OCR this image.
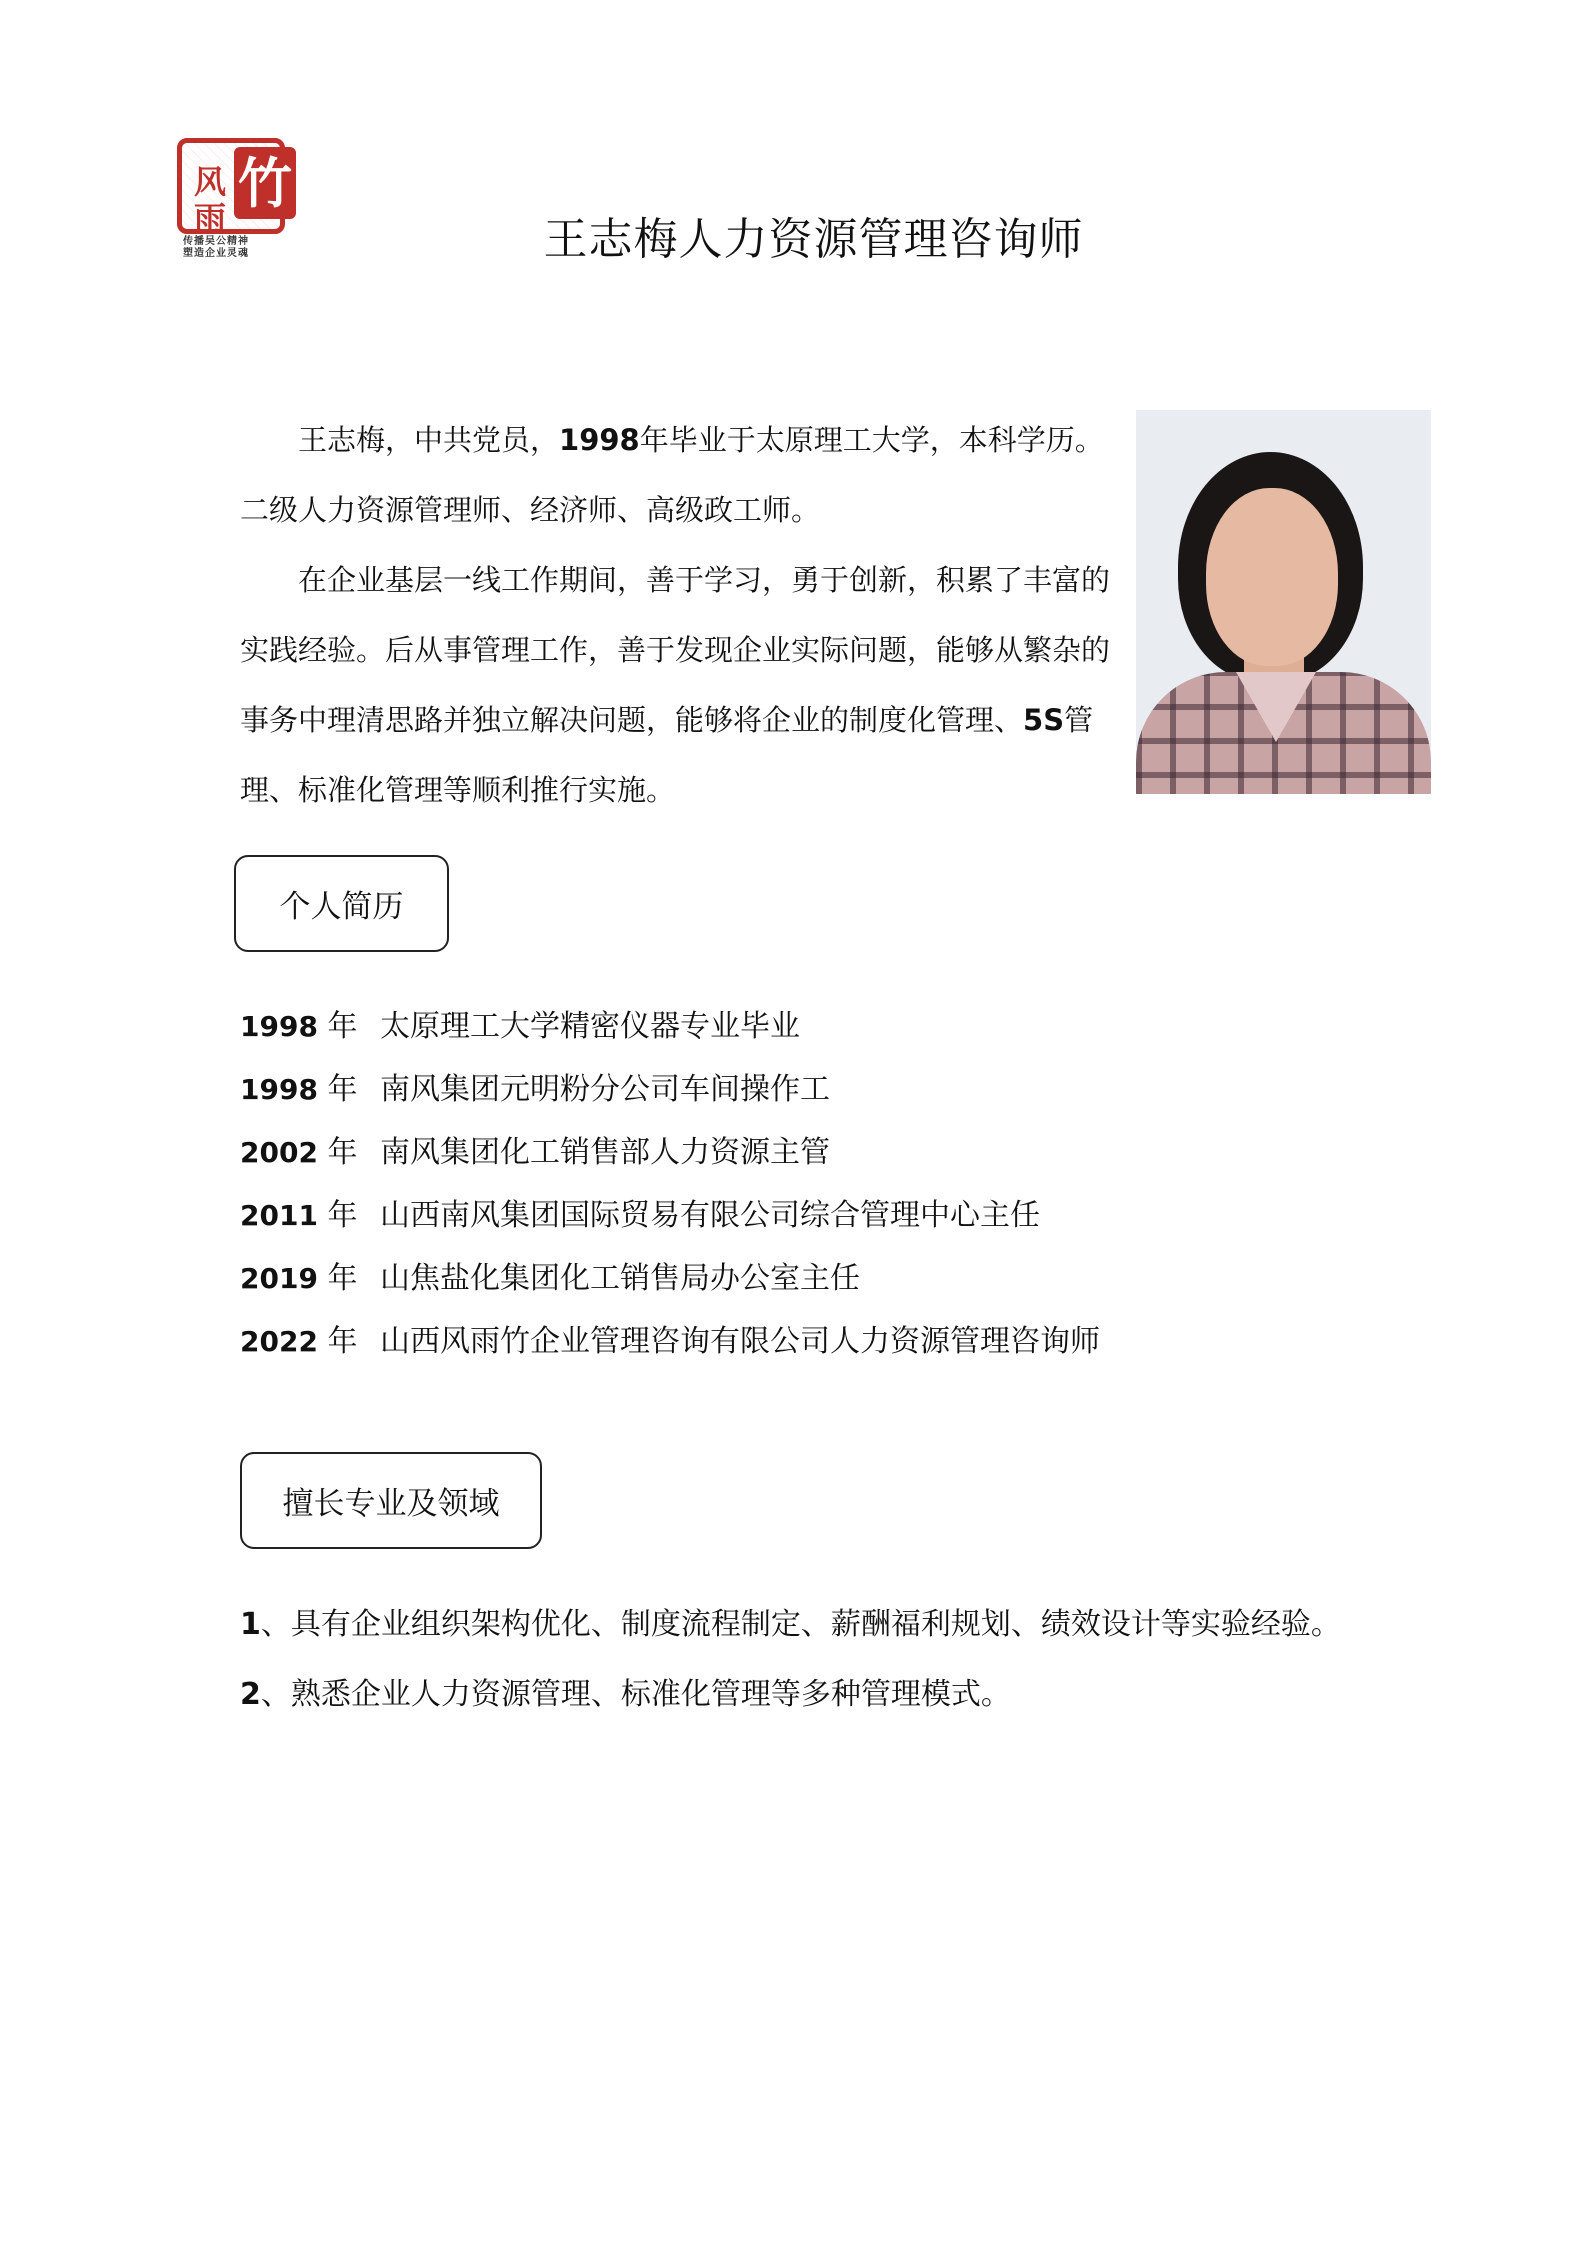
风
雨
竹
传播吴公精神
塑造企业灵魂	王志梅人力资源管理咨询师

王志梅，中共党员，1998年毕业于太原理工大学，本科学历。二级人力资源管理师、经济师、高级政工师。

在企业基层一线工作期间，善于学习，勇于创新，积累了丰富的实践经验。后从事管理工作，善于发现企业实际问题，能够从繁杂的事务中理清思路并独立解决问题，能够将企业的制度化管理、5S管理、标准化管理等顺利推行实施。

个人简历
1998 年 太原理工大学精密仪器专业毕业
1998 年 南风集团元明粉分公司车间操作工
2002 年 南风集团化工销售部人力资源主管
2011 年 山西南风集团国际贸易有限公司综合管理中心主任
2019 年 山焦盐化集团化工销售局办公室主任
2022 年 山西风雨竹企业管理咨询有限公司人力资源管理咨询师
擅长专业及领域

1、具有企业组织架构优化、制度流程制定、薪酬福利规划、绩效设计等实验经验。

2、熟悉企业人力资源管理、标准化管理等多种管理模式。
